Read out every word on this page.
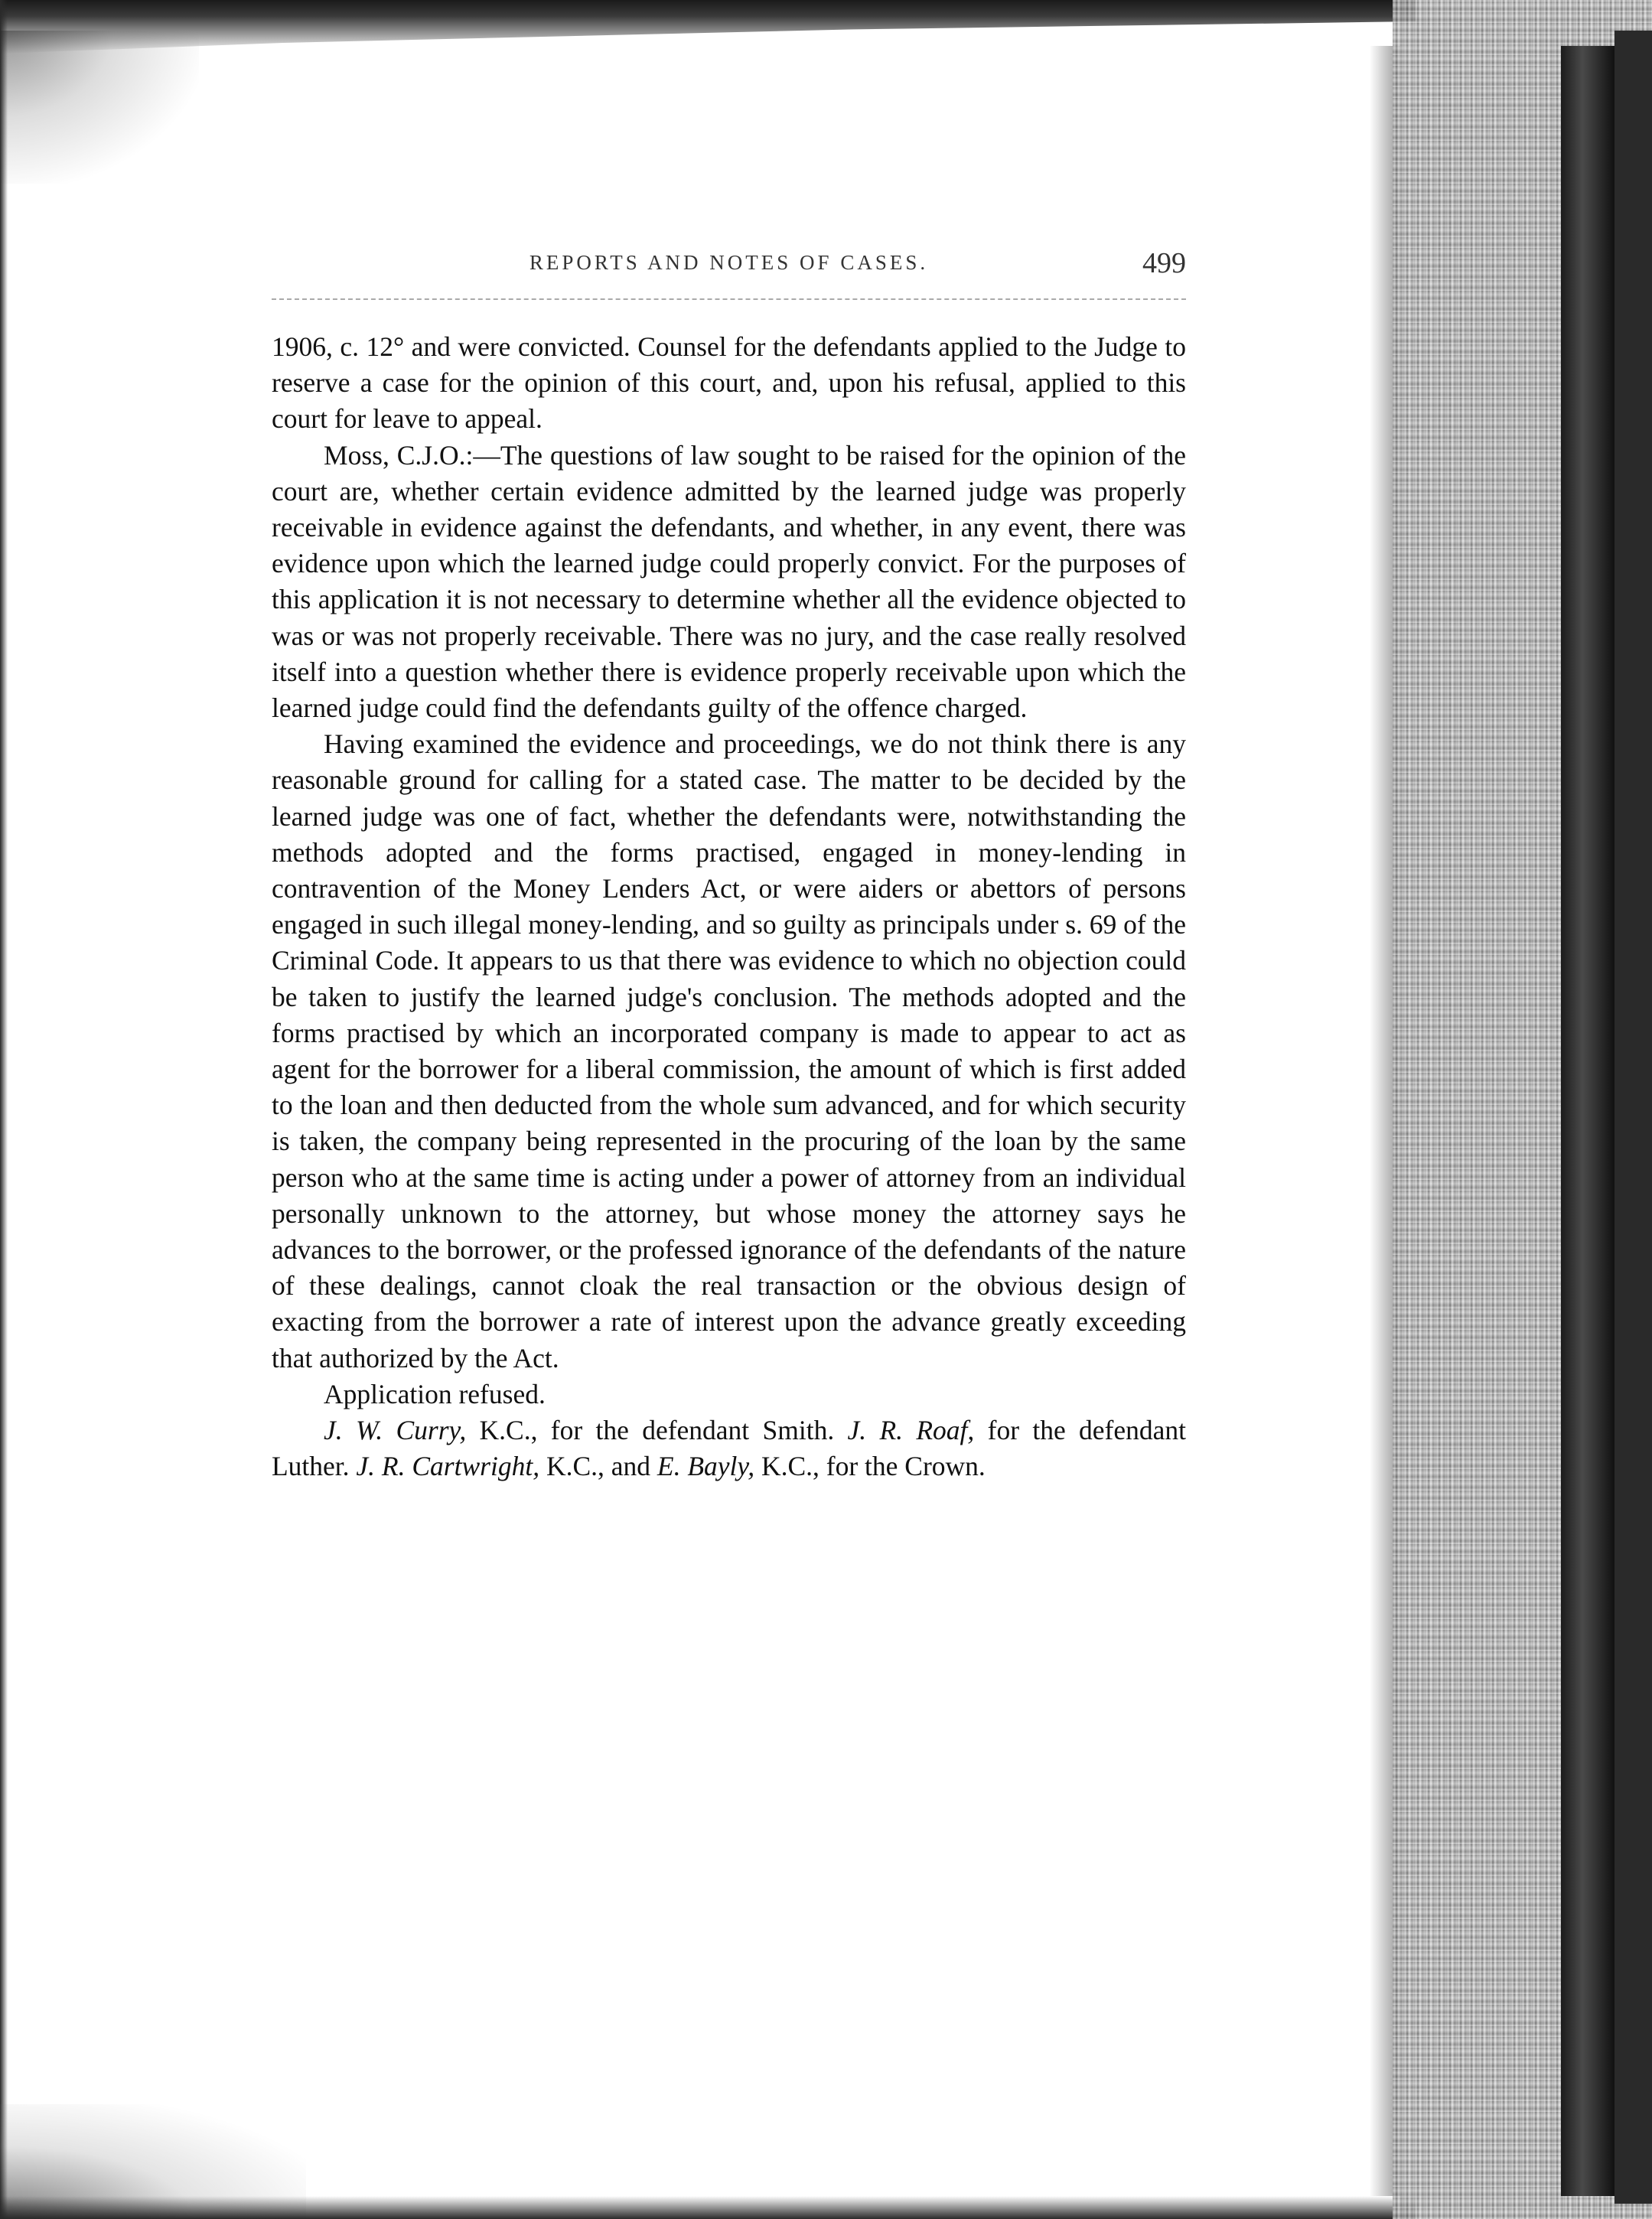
REPORTS AND NOTES OF CASES.	499

1906, c. 12° and were convicted. Counsel for the defendants applied to the Judge to reserve a case for the opinion of this court, and, upon his refusal, applied to this court for leave to appeal.

Moss, C.J.O.:—The questions of law sought to be raised for the opinion of the court are, whether certain evidence admitted by the learned judge was properly receivable in evidence against the defendants, and whether, in any event, there was evidence upon which the learned judge could properly convict. For the purposes of this application it is not necessary to determine whether all the evidence objected to was or was not properly receivable. There was no jury, and the case really resolved itself into a question whether there is evidence properly receivable upon which the learned judge could find the defendants guilty of the offence charged.

Having examined the evidence and proceedings, we do not think there is any reasonable ground for calling for a stated case. The matter to be decided by the learned judge was one of fact, whether the defendants were, notwithstanding the methods adopted and the forms practised, engaged in money-lending in contravention of the Money Lenders Act, or were aiders or abettors of persons engaged in such illegal money-lending, and so guilty as principals under s. 69 of the Criminal Code. It appears to us that there was evidence to which no objection could be taken to justify the learned judge's conclusion. The methods adopted and the forms practised by which an incorporated company is made to appear to act as agent for the borrower for a liberal commission, the amount of which is first added to the loan and then deducted from the whole sum advanced, and for which security is taken, the company being represented in the procuring of the loan by the same person who at the same time is acting under a power of attorney from an individual personally unknown to the attorney, but whose money the attorney says he advances to the borrower, or the professed ignorance of the defendants of the nature of these dealings, cannot cloak the real transaction or the obvious design of exacting from the borrower a rate of interest upon the advance greatly exceeding that authorized by the Act.

Application refused.

J. W. Curry, K.C., for the defendant Smith. J. R. Roaf, for the defendant Luther. J. R. Cartwright, K.C., and E. Bayly, K.C., for the Crown.
